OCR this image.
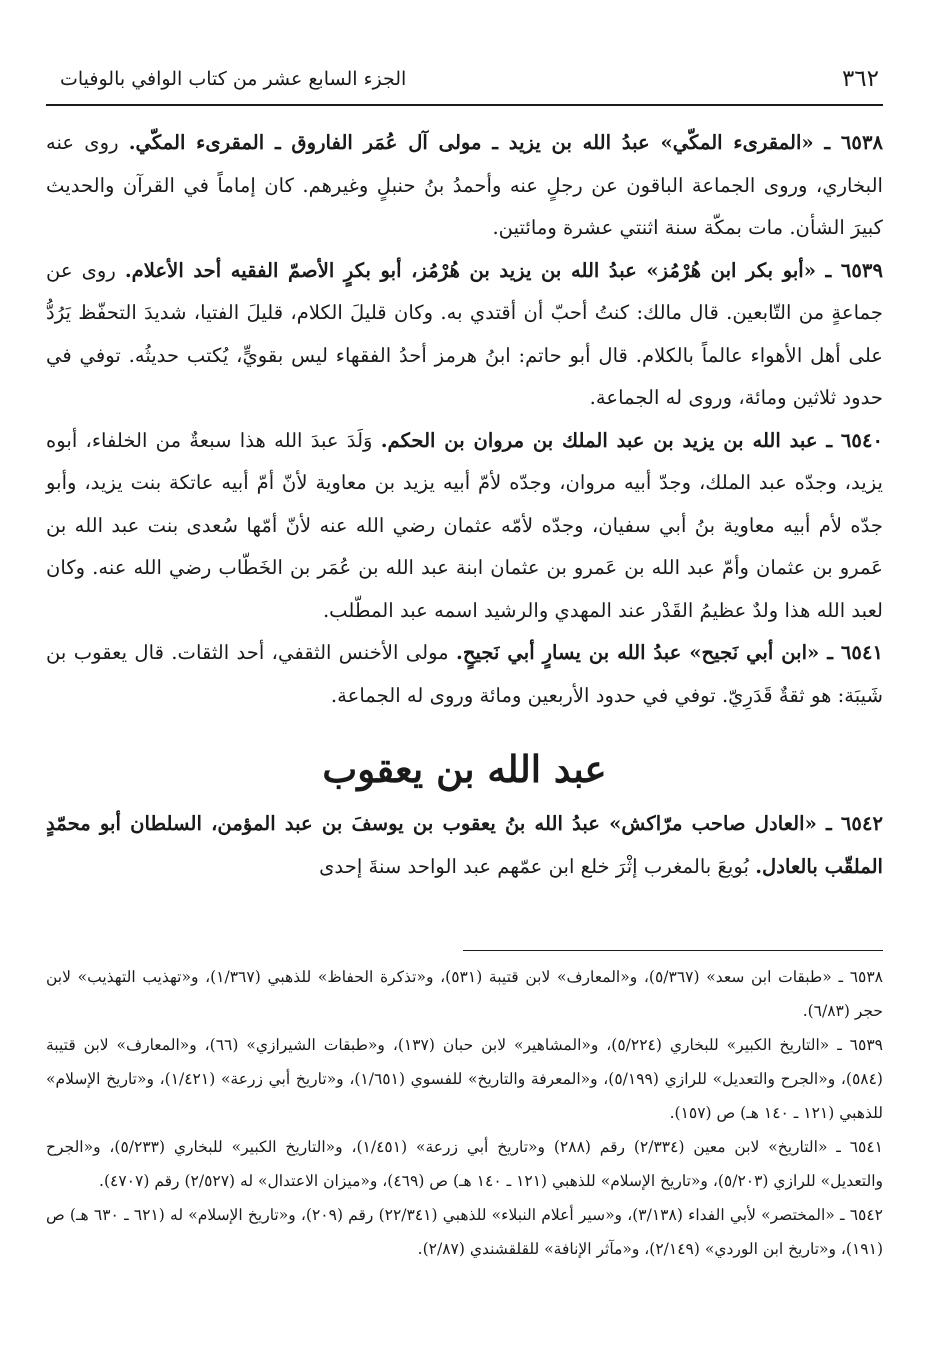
٣٦٢
الجزء السابع عشر من كتاب الوافي بالوفيات

٦٥٣٨ ـ «المقرىء المكّي» عبدُ الله بن يزيد ـ مولى آل عُمَر الفاروق ـ المقرىء المكّي. روى عنه البخاري، وروى الجماعة الباقون عن رجلٍ عنه وأحمدُ بنُ حنبلٍ وغيرهم. كان إماماً في القرآن والحديث كبيرَ الشأن. مات بمكّة سنة اثنتي عشرة ومائتين.

٦٥٣٩ ـ «أبو بكر ابن هُرْمُز» عبدُ الله بن يزيد بن هُرْمُز، أبو بكرٍ الأصمّ الفقيه أحد الأعلام. روى عن جماعةٍ من التّابعين. قال مالك: كنتُ أحبّ أن أقتدي به. وكان قليلَ الكلام، قليلَ الفتيا، شديدَ التحفّظ يَرُدُّ على أهل الأهواء عالماً بالكلام. قال أبو حاتم: ابنُ هرمز أحدُ الفقهاء ليس بقويٍّ، يُكتب حديثُه. توفي في حدود ثلاثين ومائة، وروى له الجماعة.

٦٥٤٠ ـ عبد الله بن يزيد بن عبد الملك بن مروان بن الحكم. وَلَدَ عبدَ الله هذا سبعةٌ من الخلفاء، أبوه يزيد، وجدّه عبد الملك، وجدّ أبيه مروان، وجدّه لأمّ أبيه يزيد بن معاوية لأنّ أمّ أبيه عاتكة بنت يزيد، وأبو جدّه لأم أبيه معاوية بنُ أبي سفيان، وجدّه لأمّه عثمان رضي الله عنه لأنّ أمّها سُعدى بنت عبد الله بن عَمرو بن عثمان وأمّ عبد الله بن عَمرو بن عثمان ابنة عبد الله بن عُمَر بن الخَطّاب رضي الله عنه. وكان لعبد الله هذا ولدٌ عظيمُ القَدْر عند المهدي والرشيد اسمه عبد المطّلب.

٦٥٤١ ـ «ابن أبي نَجيح» عبدُ الله بن يسارٍ أبي نَجيحٍ. مولى الأخنس الثقفي، أحد الثقات. قال يعقوب بن شَيبَة: هو ثقةٌ قَدَرِيّ. توفي في حدود الأربعين ومائة وروى له الجماعة.

عبد الله بن يعقوب

٦٥٤٢ ـ «العادل صاحب مرّاكش» عبدُ الله بنُ يعقوب بن يوسفَ بن عبد المؤمن، السلطان أبو محمّدٍ الملقّب بالعادل. بُويعَ بالمغرب إثْرَ خلع ابن عمّهم عبد الواحد سنةَ إحدى

٦٥٣٨ ـ «طبقات ابن سعد» (٥/٣٦٧)، و«المعارف» لابن قتيبة (٥٣١)، و«تذكرة الحفاظ» للذهبي (١/٣٦٧)، و«تهذيب التهذيب» لابن حجر (٦/٨٣).

٦٥٣٩ ـ «التاريخ الكبير» للبخاري (٥/٢٢٤)، و«المشاهير» لابن حبان (١٣٧)، و«طبقات الشيرازي» (٦٦)، و«المعارف» لابن قتيبة (٥٨٤)، و«الجرح والتعديل» للرازي (٥/١٩٩)، و«المعرفة والتاريخ» للفسوي (١/٦٥١)، و«تاريخ أبي زرعة» (١/٤٢١)، و«تاريخ الإسلام» للذهبي (١٢١ ـ ١٤٠ هـ) ص (١٥٧).

٦٥٤١ ـ «التاريخ» لابن معين (٢/٣٣٤) رقم (٢٨٨) و«تاريخ أبي زرعة» (١/٤٥١)، و«التاريخ الكبير» للبخاري (٥/٢٣٣)، و«الجرح والتعديل» للرازي (٥/٢٠٣)، و«تاريخ الإسلام» للذهبي (١٢١ ـ ١٤٠ هـ) ص (٤٦٩)، و«ميزان الاعتدال» له (٢/٥٢٧) رقم (٤٧٠٧).

٦٥٤٢ ـ «المختصر» لأبي الفداء (٣/١٣٨)، و«سير أعلام النبلاء» للذهبي (٢٢/٣٤١) رقم (٢٠٩)، و«تاريخ الإسلام» له (٦٢١ ـ ٦٣٠ هـ) ص (١٩١)، و«تاريخ ابن الوردي» (٢/١٤٩)، و«مآثر الإنافة» للقلقشندي (٢/٨٧).
